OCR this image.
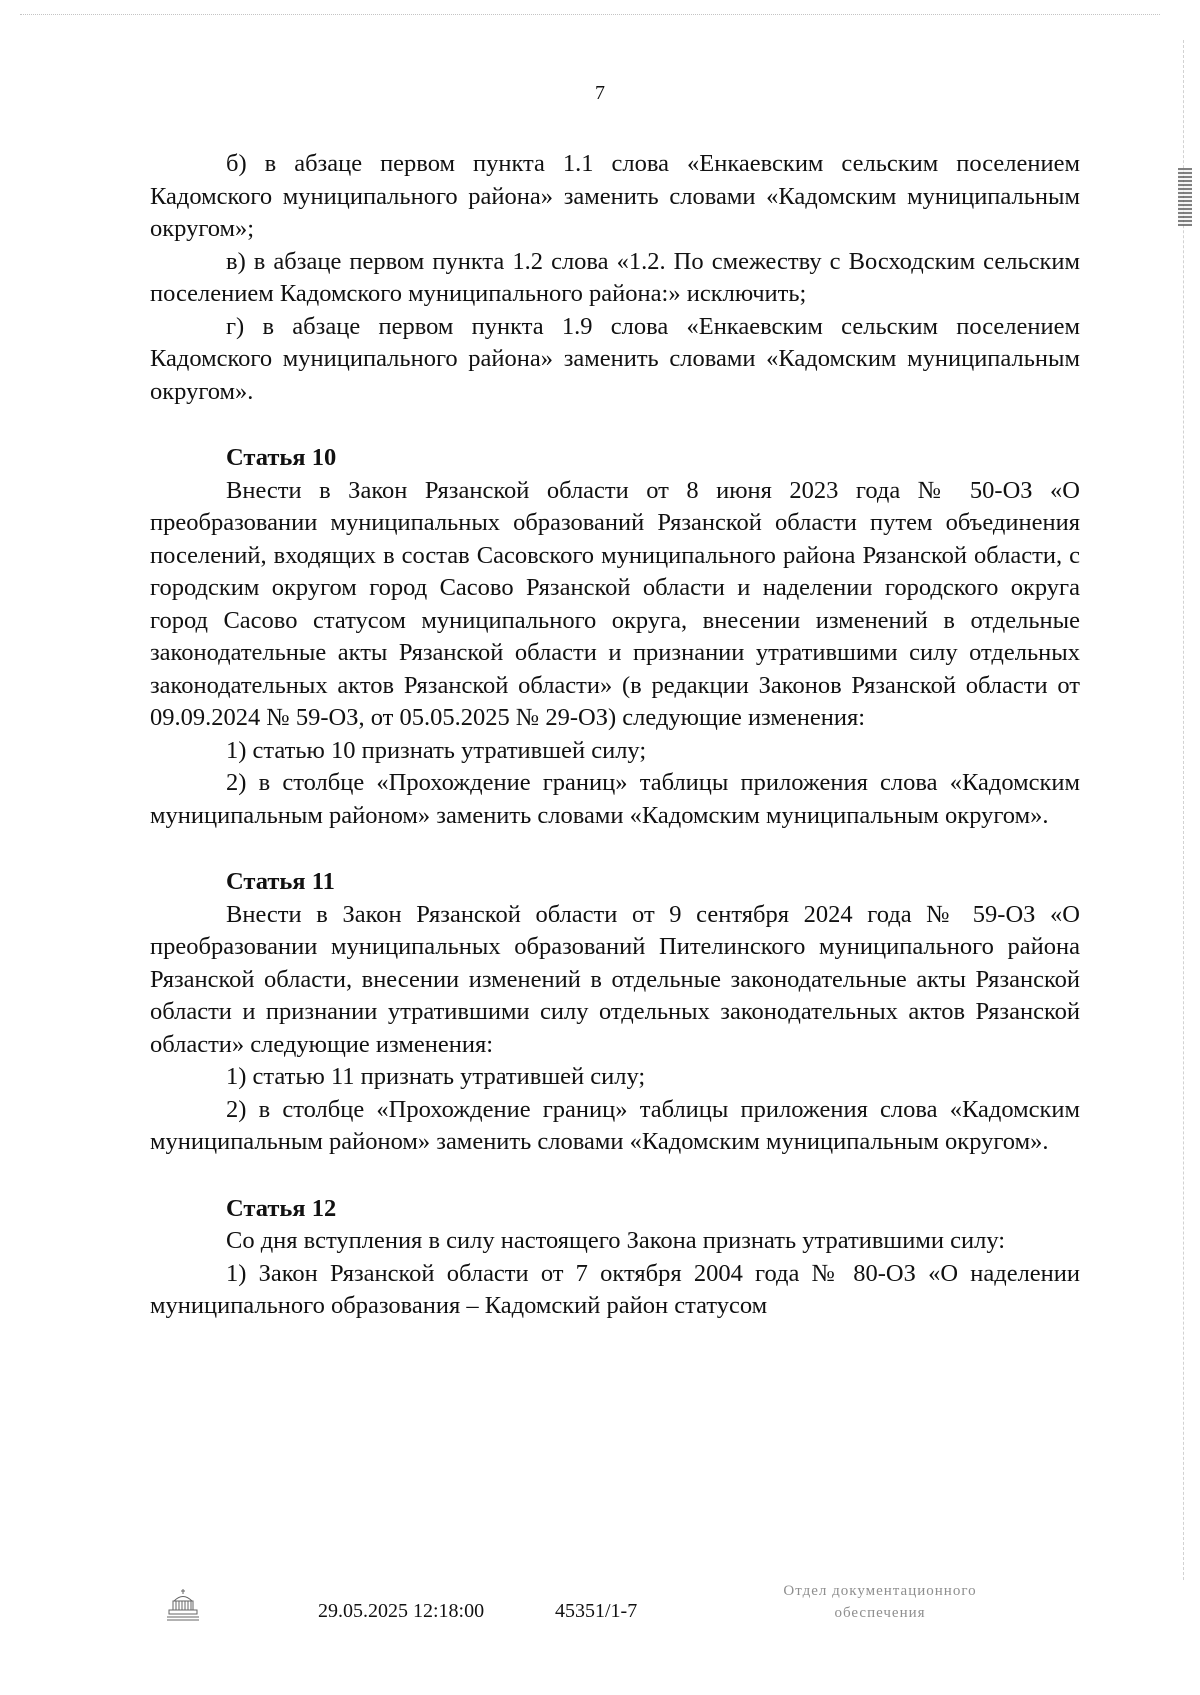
7

б) в абзаце первом пункта 1.1 слова «Енкаевским сельским поселением Кадомского муниципального района» заменить словами «Кадомским муниципальным округом»;

в) в абзаце первом пункта 1.2 слова «1.2. По смежеству с Восходским сельским поселением Кадомского муниципального района:» исключить;

г) в абзаце первом пункта 1.9 слова «Енкаевским сельским поселением Кадомского муниципального района» заменить словами «Кадомским муниципальным округом».

Статья 10

Внести в Закон Рязанской области от 8 июня 2023 года № 50-ОЗ «О преобразовании муниципальных образований Рязанской области путем объединения поселений, входящих в состав Сасовского муниципального района Рязанской области, с городским округом город Сасово Рязанской области и наделении городского округа город Сасово статусом муниципального округа, внесении изменений в отдельные законодательные акты Рязанской области и признании утратившими силу отдельных законодательных актов Рязанской области» (в редакции Законов Рязанской области от 09.09.2024 № 59-ОЗ, от 05.05.2025 № 29-ОЗ) следующие изменения:

1) статью 10 признать утратившей силу;

2) в столбце «Прохождение границ» таблицы приложения слова «Кадомским муниципальным районом» заменить словами «Кадомским муниципальным округом».

Статья 11

Внести в Закон Рязанской области от 9 сентября 2024 года № 59-ОЗ «О преобразовании муниципальных образований Пителинского муниципального района Рязанской области, внесении изменений в отдельные законодательные акты Рязанской области и признании утратившими силу отдельных законодательных актов Рязанской области» следующие изменения:

1) статью 11 признать утратившей силу;

2) в столбце «Прохождение границ» таблицы приложения слова «Кадомским муниципальным районом» заменить словами «Кадомским муниципальным округом».

Статья 12

Со дня вступления в силу настоящего Закона признать утратившими силу:

1) Закон Рязанской области от 7 октября 2004 года № 80-ОЗ «О наделении муниципального образования – Кадомский район статусом

29.05.2025 12:18:00	45351/1-7
Отдел документационного
обеспечения
